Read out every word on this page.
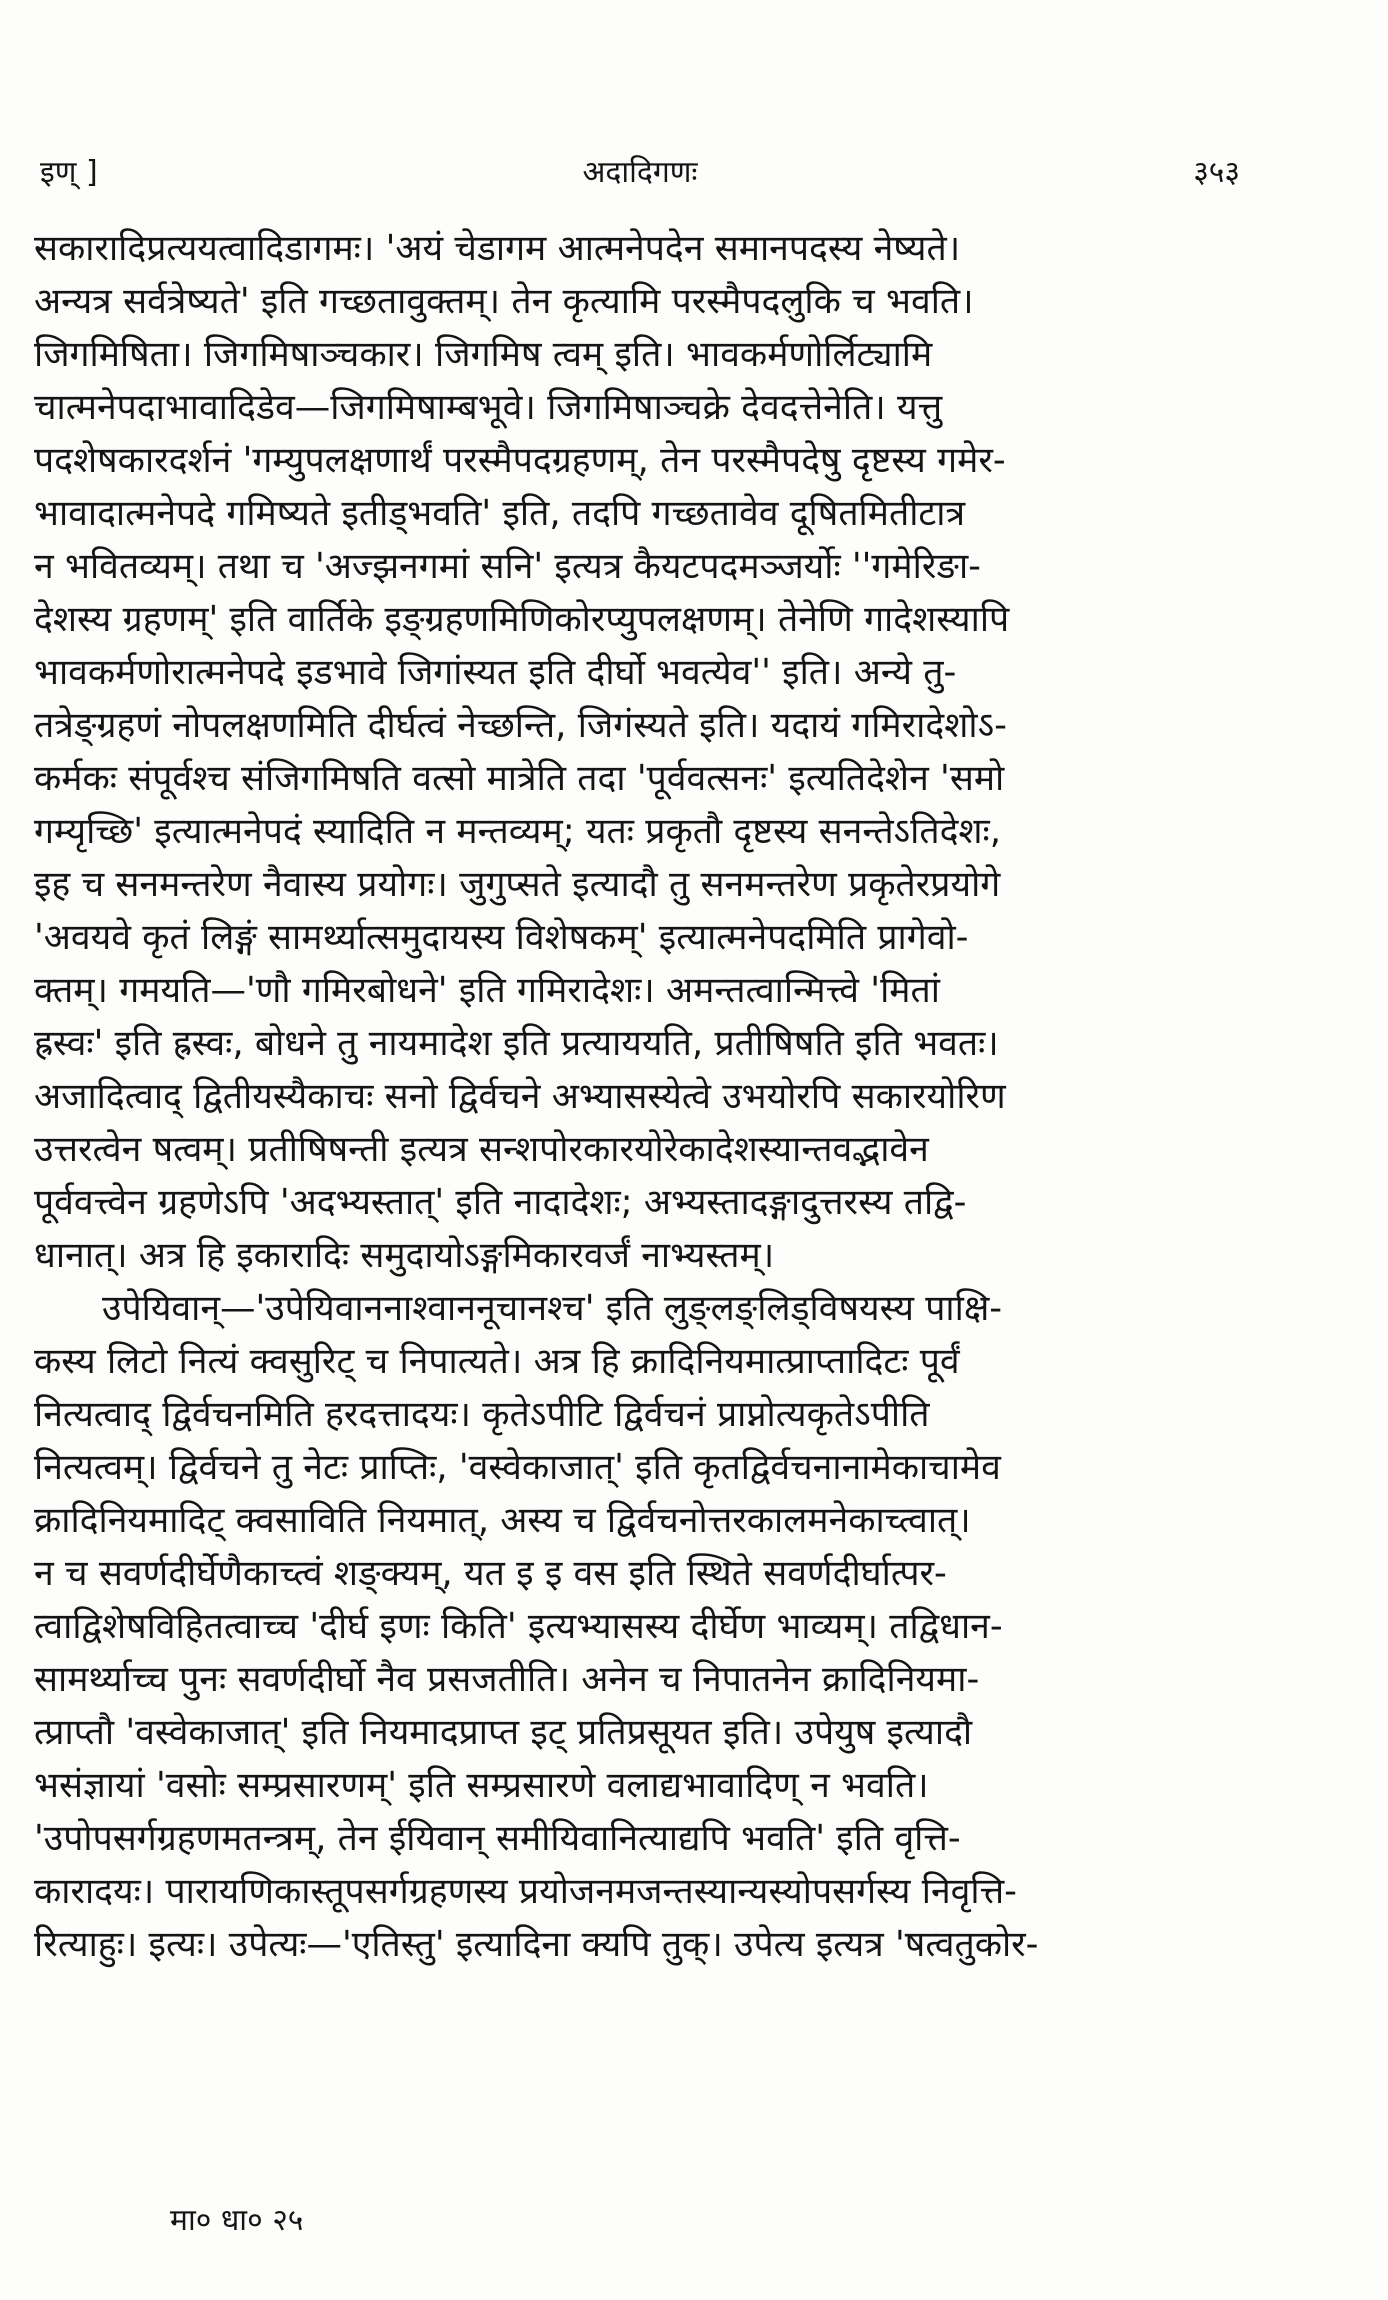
इण् ]	अदादिगणः	३५३
सकारादिप्रत्ययत्वादिडागमः। 'अयं चेडागम आत्मनेपदेन समानपदस्य नेष्यते।
अन्यत्र सर्वत्रेष्यते' इति गच्छतावुक्तम्। तेन कृत्यामि परस्मैपदलुकि च भवति।
जिगमिषिता। जिगमिषाञ्चकार। जिगमिष त्वम् इति। भावकर्मणोर्लिट्यामि
चात्मनेपदाभावादिडेव—जिगमिषाम्बभूवे। जिगमिषाञ्चक्रे देवदत्तेनेति। यत्तु
पदशेषकारदर्शनं 'गम्युपलक्षणार्थं परस्मैपदग्रहणम्, तेन परस्मैपदेषु दृष्टस्य गमेर-
भावादात्मनेपदे गमिष्यते इतीड्भवति' इति, तदपि गच्छतावेव दूषितमितीटात्र
न भवितव्यम्। तथा च 'अज्झनगमां सनि' इत्यत्र कैयटपदमञ्जर्योः ''गमेरिङा-
देशस्य ग्रहणम्' इति वार्तिके इङ्ग्रहणमिणिकोरप्युपलक्षणम्। तेनेणि गादेशस्यापि
भावकर्मणोरात्मनेपदे इडभावे जिगांस्यत इति दीर्घो भवत्येव'' इति। अन्ये तु-
तत्रेङ्ग्रहणं नोपलक्षणमिति दीर्घत्वं नेच्छन्ति, जिगंस्यते इति। यदायं गमिरादेशोऽ-
कर्मकः संपूर्वश्च संजिगमिषति वत्सो मात्रेति तदा 'पूर्ववत्सनः' इत्यतिदेशेन 'समो
गम्यृच्छि' इत्यात्मनेपदं स्यादिति न मन्तव्यम्; यतः प्रकृतौ दृष्टस्य सनन्तेऽतिदेशः,
इह च सनमन्तरेण नैवास्य प्रयोगः। जुगुप्सते इत्यादौ तु सनमन्तरेण प्रकृतेरप्रयोगे
'अवयवे कृतं लिङ्गं सामर्थ्यात्समुदायस्य विशेषकम्' इत्यात्मनेपदमिति प्रागेवो-
क्तम्। गमयति—'णौ गमिरबोधने' इति गमिरादेशः। अमन्तत्वान्मित्त्वे 'मितां
ह्रस्वः' इति ह्रस्वः, बोधने तु नायमादेश इति प्रत्याययति, प्रतीषिषति इति भवतः।
अजादित्वाद् द्वितीयस्यैकाचः सनो द्विर्वचने अभ्यासस्येत्वे उभयोरपि सकारयोरिण
उत्तरत्वेन षत्वम्। प्रतीषिषन्ती इत्यत्र सन्शपोरकारयोरेकादेशस्यान्तवद्भावेन
पूर्ववत्त्वेन ग्रहणेऽपि 'अदभ्यस्तात्' इति नादादेशः; अभ्यस्तादङ्गादुत्तरस्य तद्वि-
धानात्। अत्र हि इकारादिः समुदायोऽङ्गमिकारवर्जं नाभ्यस्तम्।
उपेयिवान्—'उपेयिवाननाश्वाननूचानश्च' इति लुङ्लङ्लिड्विषयस्य पाक्षि-
कस्य लिटो नित्यं क्वसुरिट् च निपात्यते। अत्र हि क्रादिनियमात्प्राप्तादिटः पूर्वं
नित्यत्वाद् द्विर्वचनमिति हरदत्तादयः। कृतेऽपीटि द्विर्वचनं प्राप्नोत्यकृतेऽपीति
नित्यत्वम्। द्विर्वचने तु नेटः प्राप्तिः, 'वस्वेकाजात्' इति कृतद्विर्वचनानामेकाचामेव
क्रादिनियमादिट् क्वसाविति नियमात्, अस्य च द्विर्वचनोत्तरकालमनेकाच्त्वात्।
न च सवर्णदीर्घेणैकाच्त्वं शङ्क्यम्, यत इ इ वस इति स्थिते सवर्णदीर्घात्पर-
त्वाद्विशेषविहितत्वाच्च 'दीर्घ इणः किति' इत्यभ्यासस्य दीर्घेण भाव्यम्। तद्विधान-
सामर्थ्याच्च पुनः सवर्णदीर्घो नैव प्रसजतीति। अनेन च निपातनेन क्रादिनियमा-
त्प्राप्तौ 'वस्वेकाजात्' इति नियमादप्राप्त इट् प्रतिप्रसूयत इति। उपेयुष इत्यादौ
भसंज्ञायां 'वसोः सम्प्रसारणम्' इति सम्प्रसारणे वलाद्यभावादिण् न भवति।
'उपोपसर्गग्रहणमतन्त्रम्, तेन ईयिवान् समीयिवानित्याद्यपि भवति' इति वृत्ति-
कारादयः। पारायणिकास्तूपसर्गग्रहणस्य प्रयोजनमजन्तस्यान्यस्योपसर्गस्य निवृत्ति-
रित्याहुः। इत्यः। उपेत्यः—'एतिस्तु' इत्यादिना क्यपि तुक्। उपेत्य इत्यत्र 'षत्वतुकोर-
मा० धा० २५
